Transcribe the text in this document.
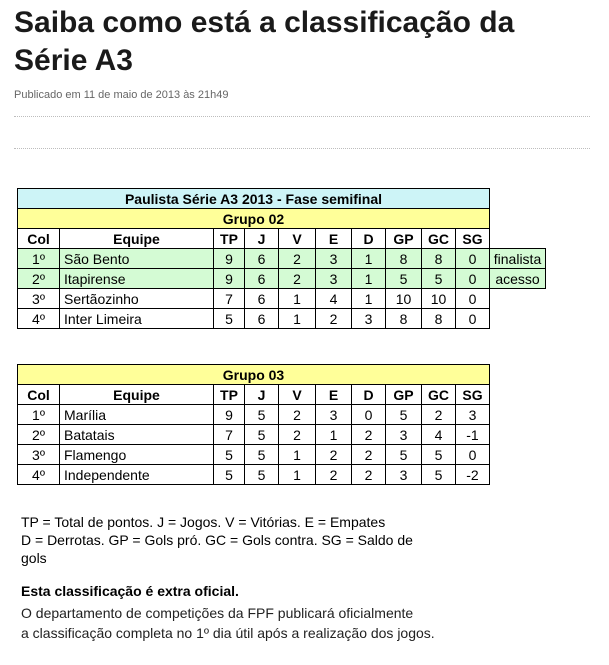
Saiba como está a classificação da Série A3
Publicado em 11 de maio de 2013 às 21h49
Paulista Série A3 2013 - Fase semifinal										
Grupo 02										
Col	Equipe	TP	J	V	E	D	GP	GC	SG	
1º	São Bento	9	6	2	3	1	8	8	0	finalista
2º	Itapirense	9	6	2	3	1	5	5	0	acesso
3º	Sertãozinho	7	6	1	4	1	10	10	0	
4º	Inter Limeira	5	6	1	2	3	8	8	0	
Grupo 03									
Col	Equipe	TP	J	V	E	D	GP	GC	SG
1º	Marília	9	5	2	3	0	5	2	3
2º	Batatais	7	5	2	1	2	3	4	-1
3º	Flamengo	5	5	1	2	2	5	5	0
4º	Independente	5	5	1	2	2	3	5	-2
TP = Total de pontos. J = Jogos. V = Vitórias. E = Empates
D = Derrotas. GP = Gols pró. GC = Gols contra. SG = Saldo de gols
Esta classificação é extra oficial.
O departamento de competições da FPF publicará oficialmente
a classificação completa no 1º dia útil após a realização dos jogos.
